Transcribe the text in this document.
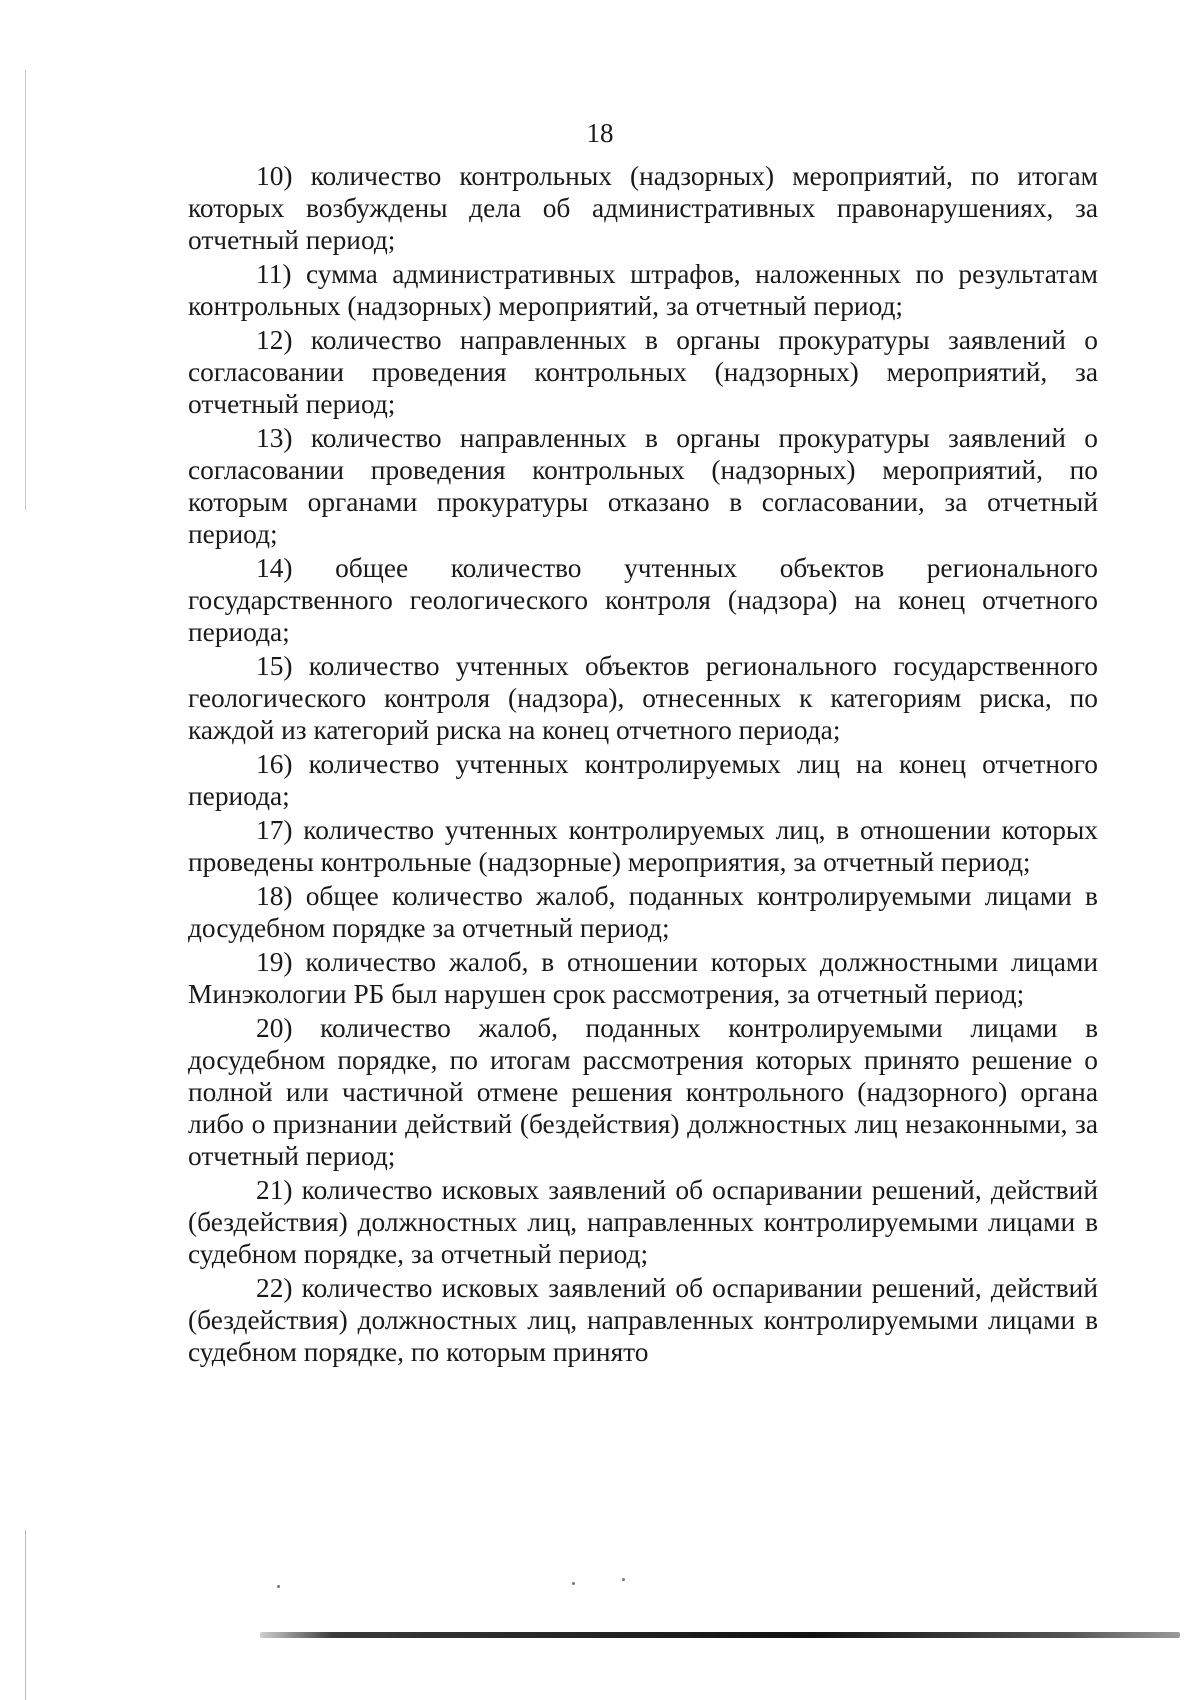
18

10) количество контрольных (надзорных) мероприятий, по итогам которых возбуждены дела об административных правонарушениях, за отчетный период;

11) сумма административных штрафов, наложенных по результатам контрольных (надзорных) мероприятий, за отчетный период;

12) количество направленных в органы прокуратуры заявлений о согласовании проведения контрольных (надзорных) мероприятий, за отчетный период;

13) количество направленных в органы прокуратуры заявлений о согласовании проведения контрольных (надзорных) мероприятий, по которым органами прокуратуры отказано в согласовании, за отчетный период;

14) общее количество учтенных объектов регионального государственного геологического контроля (надзора) на конец отчетного периода;

15) количество учтенных объектов регионального государственного геологического контроля (надзора), отнесенных к категориям риска, по каждой из категорий риска на конец отчетного периода;

16) количество учтенных контролируемых лиц на конец отчетного периода;

17) количество учтенных контролируемых лиц, в отношении которых проведены контрольные (надзорные) мероприятия, за отчетный период;

18) общее количество жалоб, поданных контролируемыми лицами в досудебном порядке за отчетный период;

19) количество жалоб, в отношении которых должностными лицами Минэкологии РБ был нарушен срок рассмотрения, за отчетный период;

20) количество жалоб, поданных контролируемыми лицами в досудебном порядке, по итогам рассмотрения которых принято решение о полной или частичной отмене решения контрольного (надзорного) органа либо о признании действий (бездействия) должностных лиц незаконными, за отчетный период;

21) количество исковых заявлений об оспаривании решений, действий (бездействия) должностных лиц, направленных контролируемыми лицами в судебном порядке, за отчетный период;

22) количество исковых заявлений об оспаривании решений, действий (бездействия) должностных лиц, направленных контролируемыми лицами в судебном порядке, по которым принято
